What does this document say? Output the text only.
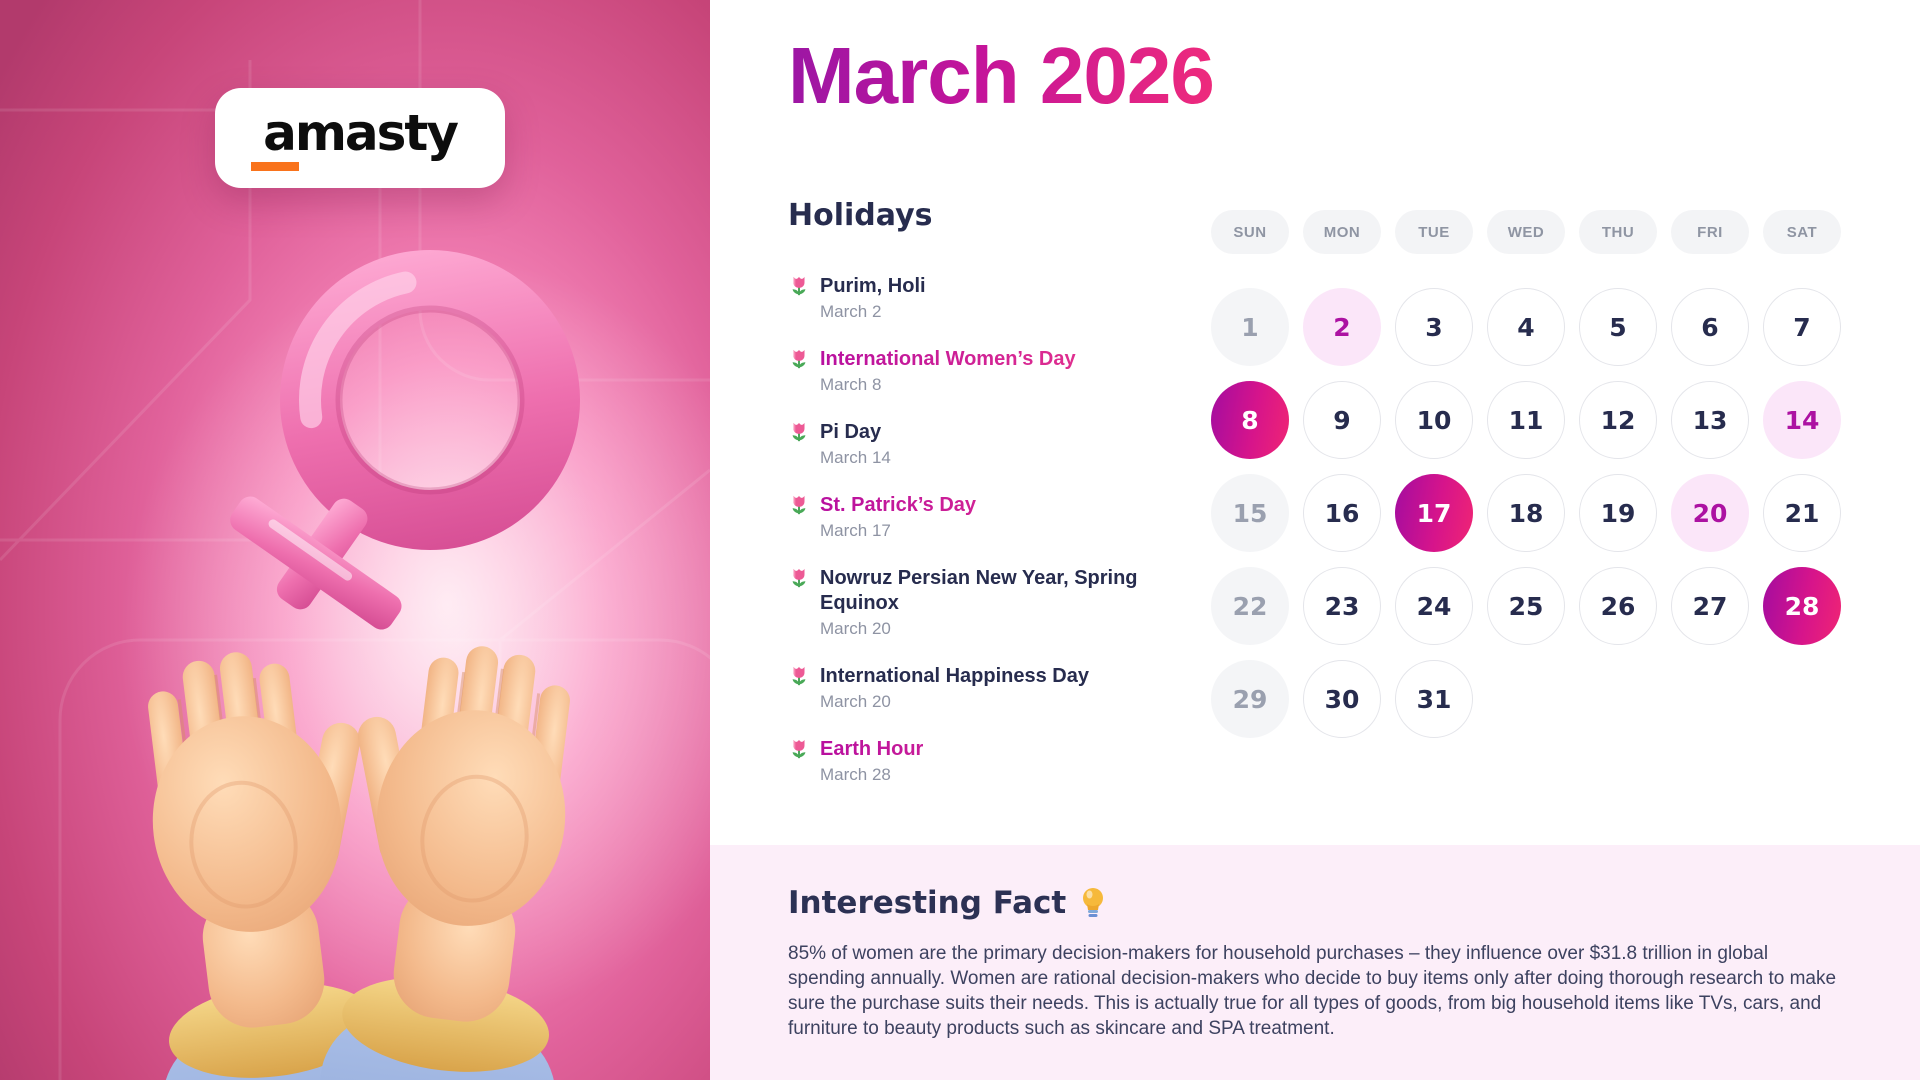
amasty
March 2026
Holidays
Purim, Holi
March 2
International Women’s Day
March 8
Pi Day
March 14
St. Patrick’s Day
March 17
Nowruz Persian New Year, Spring Equinox
March 20
International Happiness Day
March 20
Earth Hour
March 28
SUN	MON	TUE	WED	THU	FRI	SAT
1	2	3	4	5	6	7
8	9	10	11	12	13	14
15	16	17	18	19	20	21
22	23	24	25	26	27	28
29	30	31
Interesting Fact

85% of women are the primary decision-makers for household purchases – they influence over $31.8 trillion in global spending annually. Women are rational decision-makers who decide to buy items only after doing thorough research to make sure the purchase suits their needs. This is actually true for all types of goods, from big household items like TVs, cars, and furniture to beauty products such as skincare and SPA treatment.
